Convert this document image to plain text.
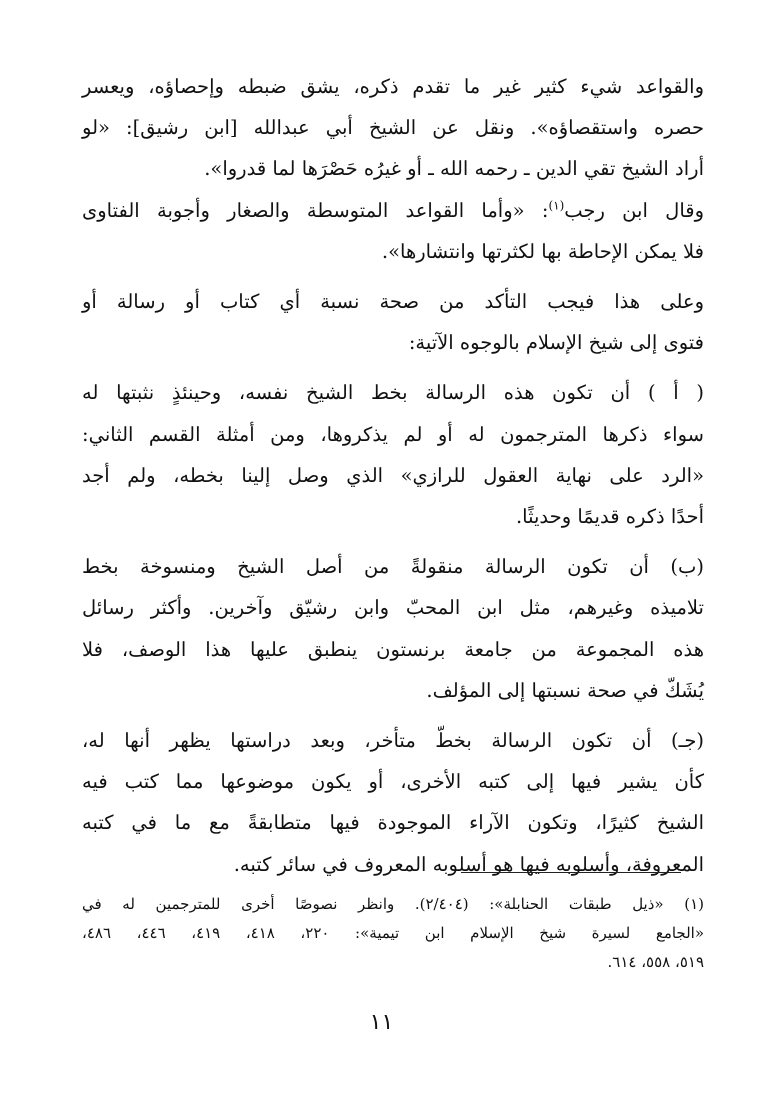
والقواعد شيء كثير غير ما تقدم ذكره، يشق ضبطه وإحصاؤه، ويعسر
حصره واستقصاؤه». ونقل عن الشيخ أبي عبدالله [ابن رشيق]: «لو
أراد الشيخ تقي الدين ـ رحمه الله ـ أو غيرُه حَصْرَها لما قدروا».
وقال ابن رجب$^{(١)}$: «وأما القواعد المتوسطة والصغار وأجوبة الفتاوى
فلا يمكن الإحاطة بها لكثرتها وانتشارها».
وعلى هذا فيجب التأكد من صحة نسبة أي كتاب أو رسالة أو
فتوى إلى شيخ الإسلام بالوجوه الآتية:
( أ ) أن تكون هذه الرسالة بخط الشيخ نفسه، وحينئذٍ نثبتها له
سواء ذكرها المترجمون له أو لم يذكروها، ومن أمثلة القسم الثاني:
«الرد على نهاية العقول للرازي» الذي وصل إلينا بخطه، ولم أجد
أحدًا ذكره قديمًا وحديثًا.
(ب) أن تكون الرسالة منقولةً من أصل الشيخ ومنسوخة بخط
تلاميذه وغيرهم، مثل ابن المحبّ وابن رشيّق وآخرين. وأكثر رسائل
هذه المجموعة من جامعة برنستون ينطبق عليها هذا الوصف، فلا
يُشَكّ في صحة نسبتها إلى المؤلف.
(جـ) أن تكون الرسالة بخطّ متأخر، وبعد دراستها يظهر أنها له،
كأن يشير فيها إلى كتبه الأخرى، أو يكون موضوعها مما كتب فيه
الشيخ كثيرًا، وتكون الآراء الموجودة فيها متطابقةً مع ما في كتبه
المعروفة، وأسلوبه فيها هو أسلوبه المعروف في سائر كتبه.
(١) «ذيل طبقات الحنابلة»: (٢/٤٠٤). وانظر نصوصًا أخرى للمترجمين له في
«الجامع لسيرة شيخ الإسلام ابن تيمية»: ٢٢٠، ٤١٨، ٤١٩، ٤٤٦، ٤٨٦،
٥١٩، ٥٥٨، ٦١٤.
١١
